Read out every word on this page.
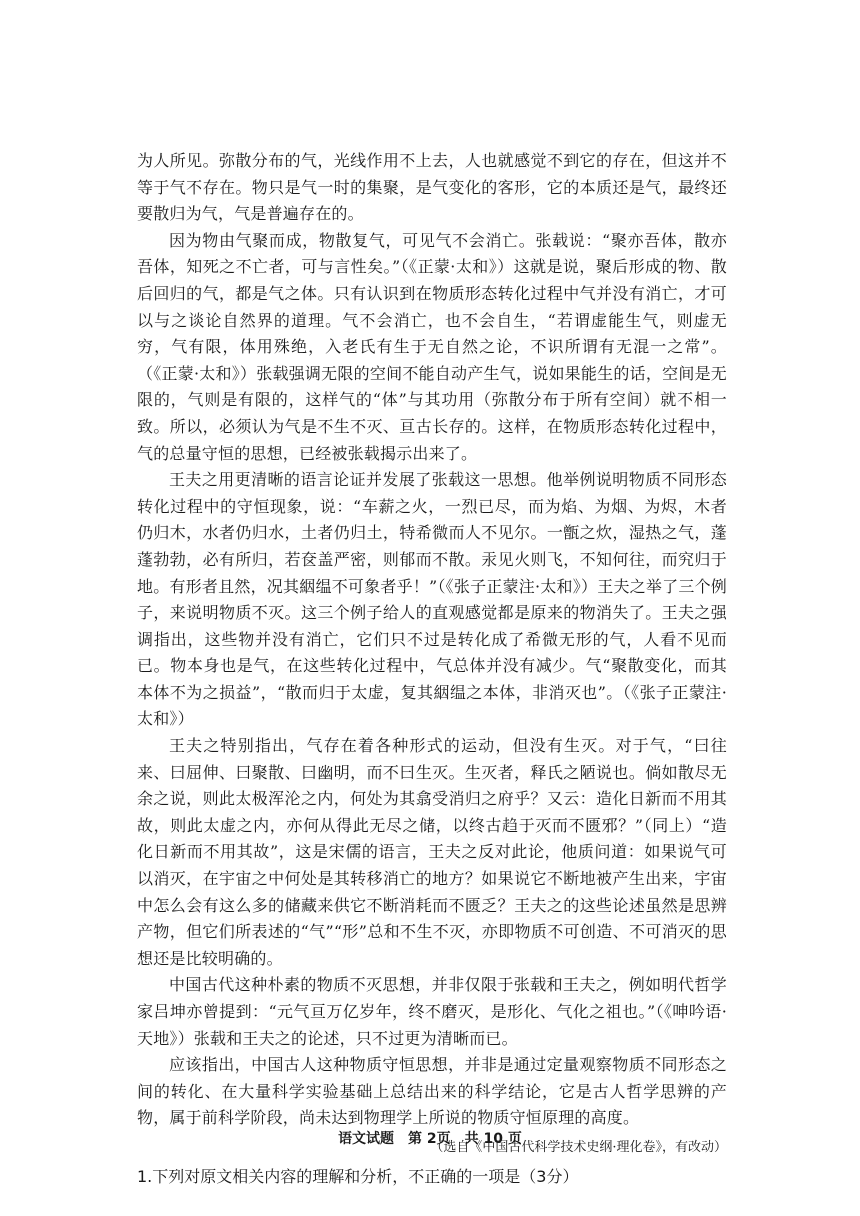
为人所见。弥散分布的气，光线作用不上去，人也就感觉不到它的存在，但这并不等于气不存在。物只是气一时的集聚，是气变化的客形，它的本质还是气，最终还要散归为气，气是普遍存在的。

因为物由气聚而成，物散复气，可见气不会消亡。张载说：“聚亦吾体，散亦吾体，知死之不亡者，可与言性矣。”（《正蒙·太和》）这就是说，聚后形成的物、散后回归的气，都是气之体。只有认识到在物质形态转化过程中气并没有消亡，才可以与之谈论自然界的道理。气不会消亡，也不会自生，“若谓虚能生气，则虚无穷，气有限，体用殊绝，入老氏有生于无自然之论，不识所谓有无混一之常”。（《正蒙·太和》）张载强调无限的空间不能自动产生气，说如果能生的话，空间是无限的，气则是有限的，这样气的“体”与其功用（弥散分布于所有空间）就不相一致。所以，必须认为气是不生不灭、亘古长存的。这样，在物质形态转化过程中，气的总量守恒的思想，已经被张载揭示出来了。

王夫之用更清晰的语言论证并发展了张载这一思想。他举例说明物质不同形态转化过程中的守恒现象，说：“车薪之火，一烈已尽，而为焰、为烟、为烬，木者仍归木，水者仍归水，土者仍归土，特希微而人不见尔。一甑之炊，湿热之气，蓬蓬勃勃，必有所归，若奁盖严密，则郁而不散。汞见火则飞，不知何往，而究归于地。有形者且然，况其絪缊不可象者乎！”（《张子正蒙注·太和》）王夫之举了三个例子，来说明物质不灭。这三个例子给人的直观感觉都是原来的物消失了。王夫之强调指出，这些物并没有消亡，它们只不过是转化成了希微无形的气，人看不见而已。物本身也是气，在这些转化过程中，气总体并没有减少。气“聚散变化，而其本体不为之损益”，“散而归于太虚，复其絪缊之本体，非消灭也”。（《张子正蒙注·太和》）

王夫之特别指出，气存在着各种形式的运动，但没有生灭。对于气，“曰往来、曰屈伸、曰聚散、曰幽明，而不曰生灭。生灭者，释氏之陋说也。倘如散尽无余之说，则此太极浑沦之内，何处为其翕受消归之府乎？又云：造化日新而不用其故，则此太虚之内，亦何从得此无尽之储，以终古趋于灭而不匮邪？”（同上）“造化日新而不用其故”，这是宋儒的语言，王夫之反对此论，他质问道：如果说气可以消灭，在宇宙之中何处是其转移消亡的地方？如果说它不断地被产生出来，宇宙中怎么会有这么多的储藏来供它不断消耗而不匮乏？王夫之的这些论述虽然是思辨产物，但它们所表述的“气”“形”总和不生不灭，亦即物质不可创造、不可消灭的思想还是比较明确的。

中国古代这种朴素的物质不灭思想，并非仅限于张载和王夫之，例如明代哲学家吕坤亦曾提到：“元气亘万亿岁年，终不磨灭，是形化、气化之祖也。”（《呻吟语·天地》）张载和王夫之的论述，只不过更为清晰而已。

应该指出，中国古人这种物质守恒思想，并非是通过定量观察物质不同形态之间的转化、在大量科学实验基础上总结出来的科学结论，它是古人哲学思辨的产物，属于前科学阶段，尚未达到物理学上所说的物质守恒原理的高度。

（选自《中国古代科学技术史纲·理化卷》，有改动）

1.下列对原文相关内容的理解和分析，不正确的一项是（3分）

语文试题　第 2页　共 10 页
